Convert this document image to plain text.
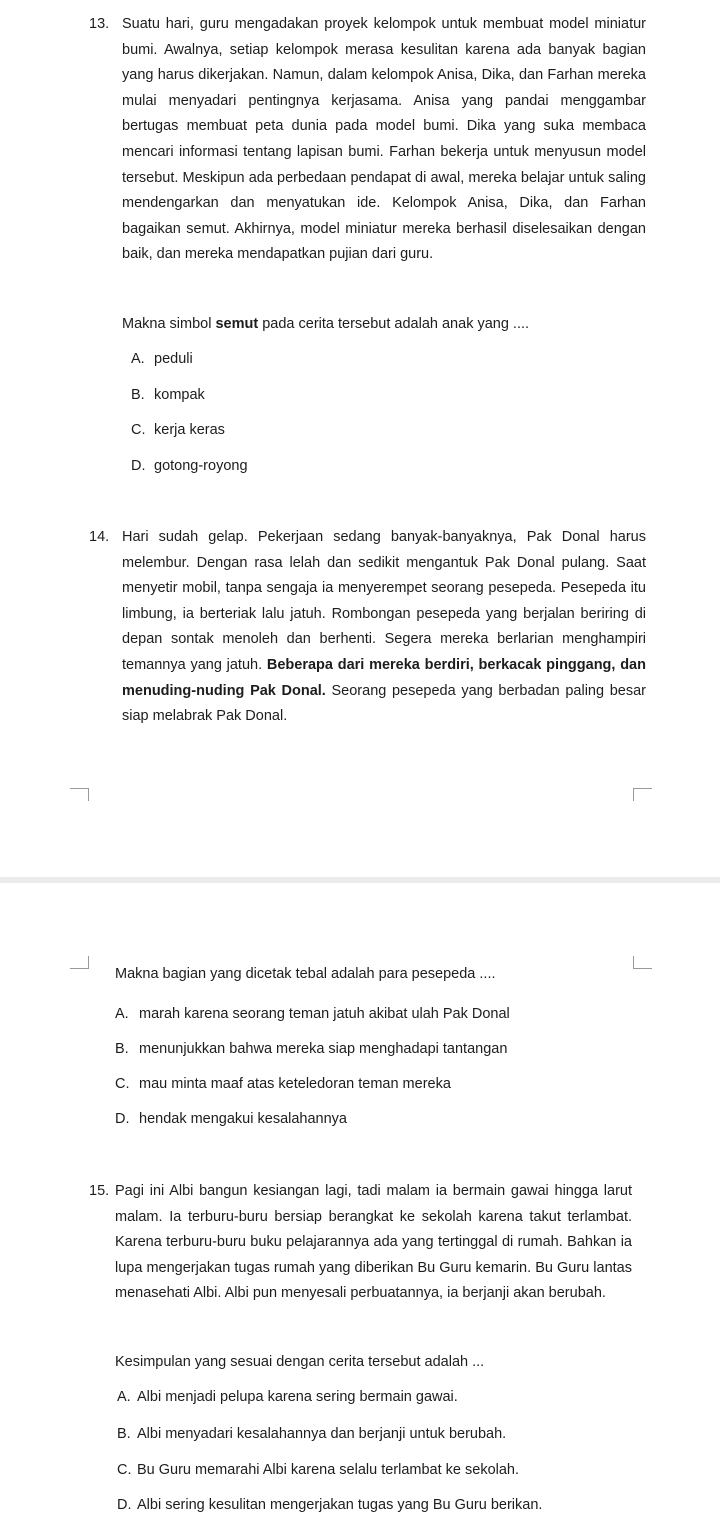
13. Suatu hari, guru mengadakan proyek kelompok untuk membuat model miniatur bumi. Awalnya, setiap kelompok merasa kesulitan karena ada banyak bagian yang harus dikerjakan. Namun, dalam kelompok Anisa, Dika, dan Farhan mereka mulai menyadari pentingnya kerjasama. Anisa yang pandai menggambar bertugas membuat peta dunia pada model bumi. Dika yang suka membaca mencari informasi tentang lapisan bumi. Farhan bekerja untuk menyusun model tersebut. Meskipun ada perbedaan pendapat di awal, mereka belajar untuk saling mendengarkan dan menyatukan ide. Kelompok Anisa, Dika, dan Farhan bagaikan semut. Akhirnya, model miniatur mereka berhasil diselesaikan dengan baik, dan mereka mendapatkan pujian dari guru.

Makna simbol semut pada cerita tersebut adalah anak yang ....

A. peduli
B. kompak
C. kerja keras
D. gotong-royong
14. Hari sudah gelap. Pekerjaan sedang banyak-banyaknya, Pak Donal harus melembur. Dengan rasa lelah dan sedikit mengantuk Pak Donal pulang. Saat menyetir mobil, tanpa sengaja ia menyerempet seorang pesepeda. Pesepeda itu limbung, ia berteriak lalu jatuh. Rombongan pesepeda yang berjalan beriring di depan sontak menoleh dan berhenti. Segera mereka berlarian menghampiri temannya yang jatuh. Beberapa dari mereka berdiri, berkacak pinggang, dan menuding-nuding Pak Donal. Seorang pesepeda yang berbadan paling besar siap melabrak Pak Donal.

Makna bagian yang dicetak tebal adalah para pesepeda ....

A. marah karena seorang teman jatuh akibat ulah Pak Donal
B. menunjukkan bahwa mereka siap menghadapi tantangan
C. mau minta maaf atas keteledoran teman mereka
D. hendak mengakui kesalahannya
15. Pagi ini Albi bangun kesiangan lagi, tadi malam ia bermain gawai hingga larut malam. Ia terburu-buru bersiap berangkat ke sekolah karena takut terlambat. Karena terburu-buru buku pelajarannya ada yang tertinggal di rumah. Bahkan ia lupa mengerjakan tugas rumah yang diberikan Bu Guru kemarin. Bu Guru lantas menasehati Albi. Albi pun menyesali perbuatannya, ia berjanji akan berubah.

Kesimpulan yang sesuai dengan cerita tersebut adalah ...

A. Albi menjadi pelupa karena sering bermain gawai.
B. Albi menyadari kesalahannya dan berjanji untuk berubah.
C. Bu Guru memarahi Albi karena selalu terlambat ke sekolah.
D. Albi sering kesulitan mengerjakan tugas yang Bu Guru berikan.
